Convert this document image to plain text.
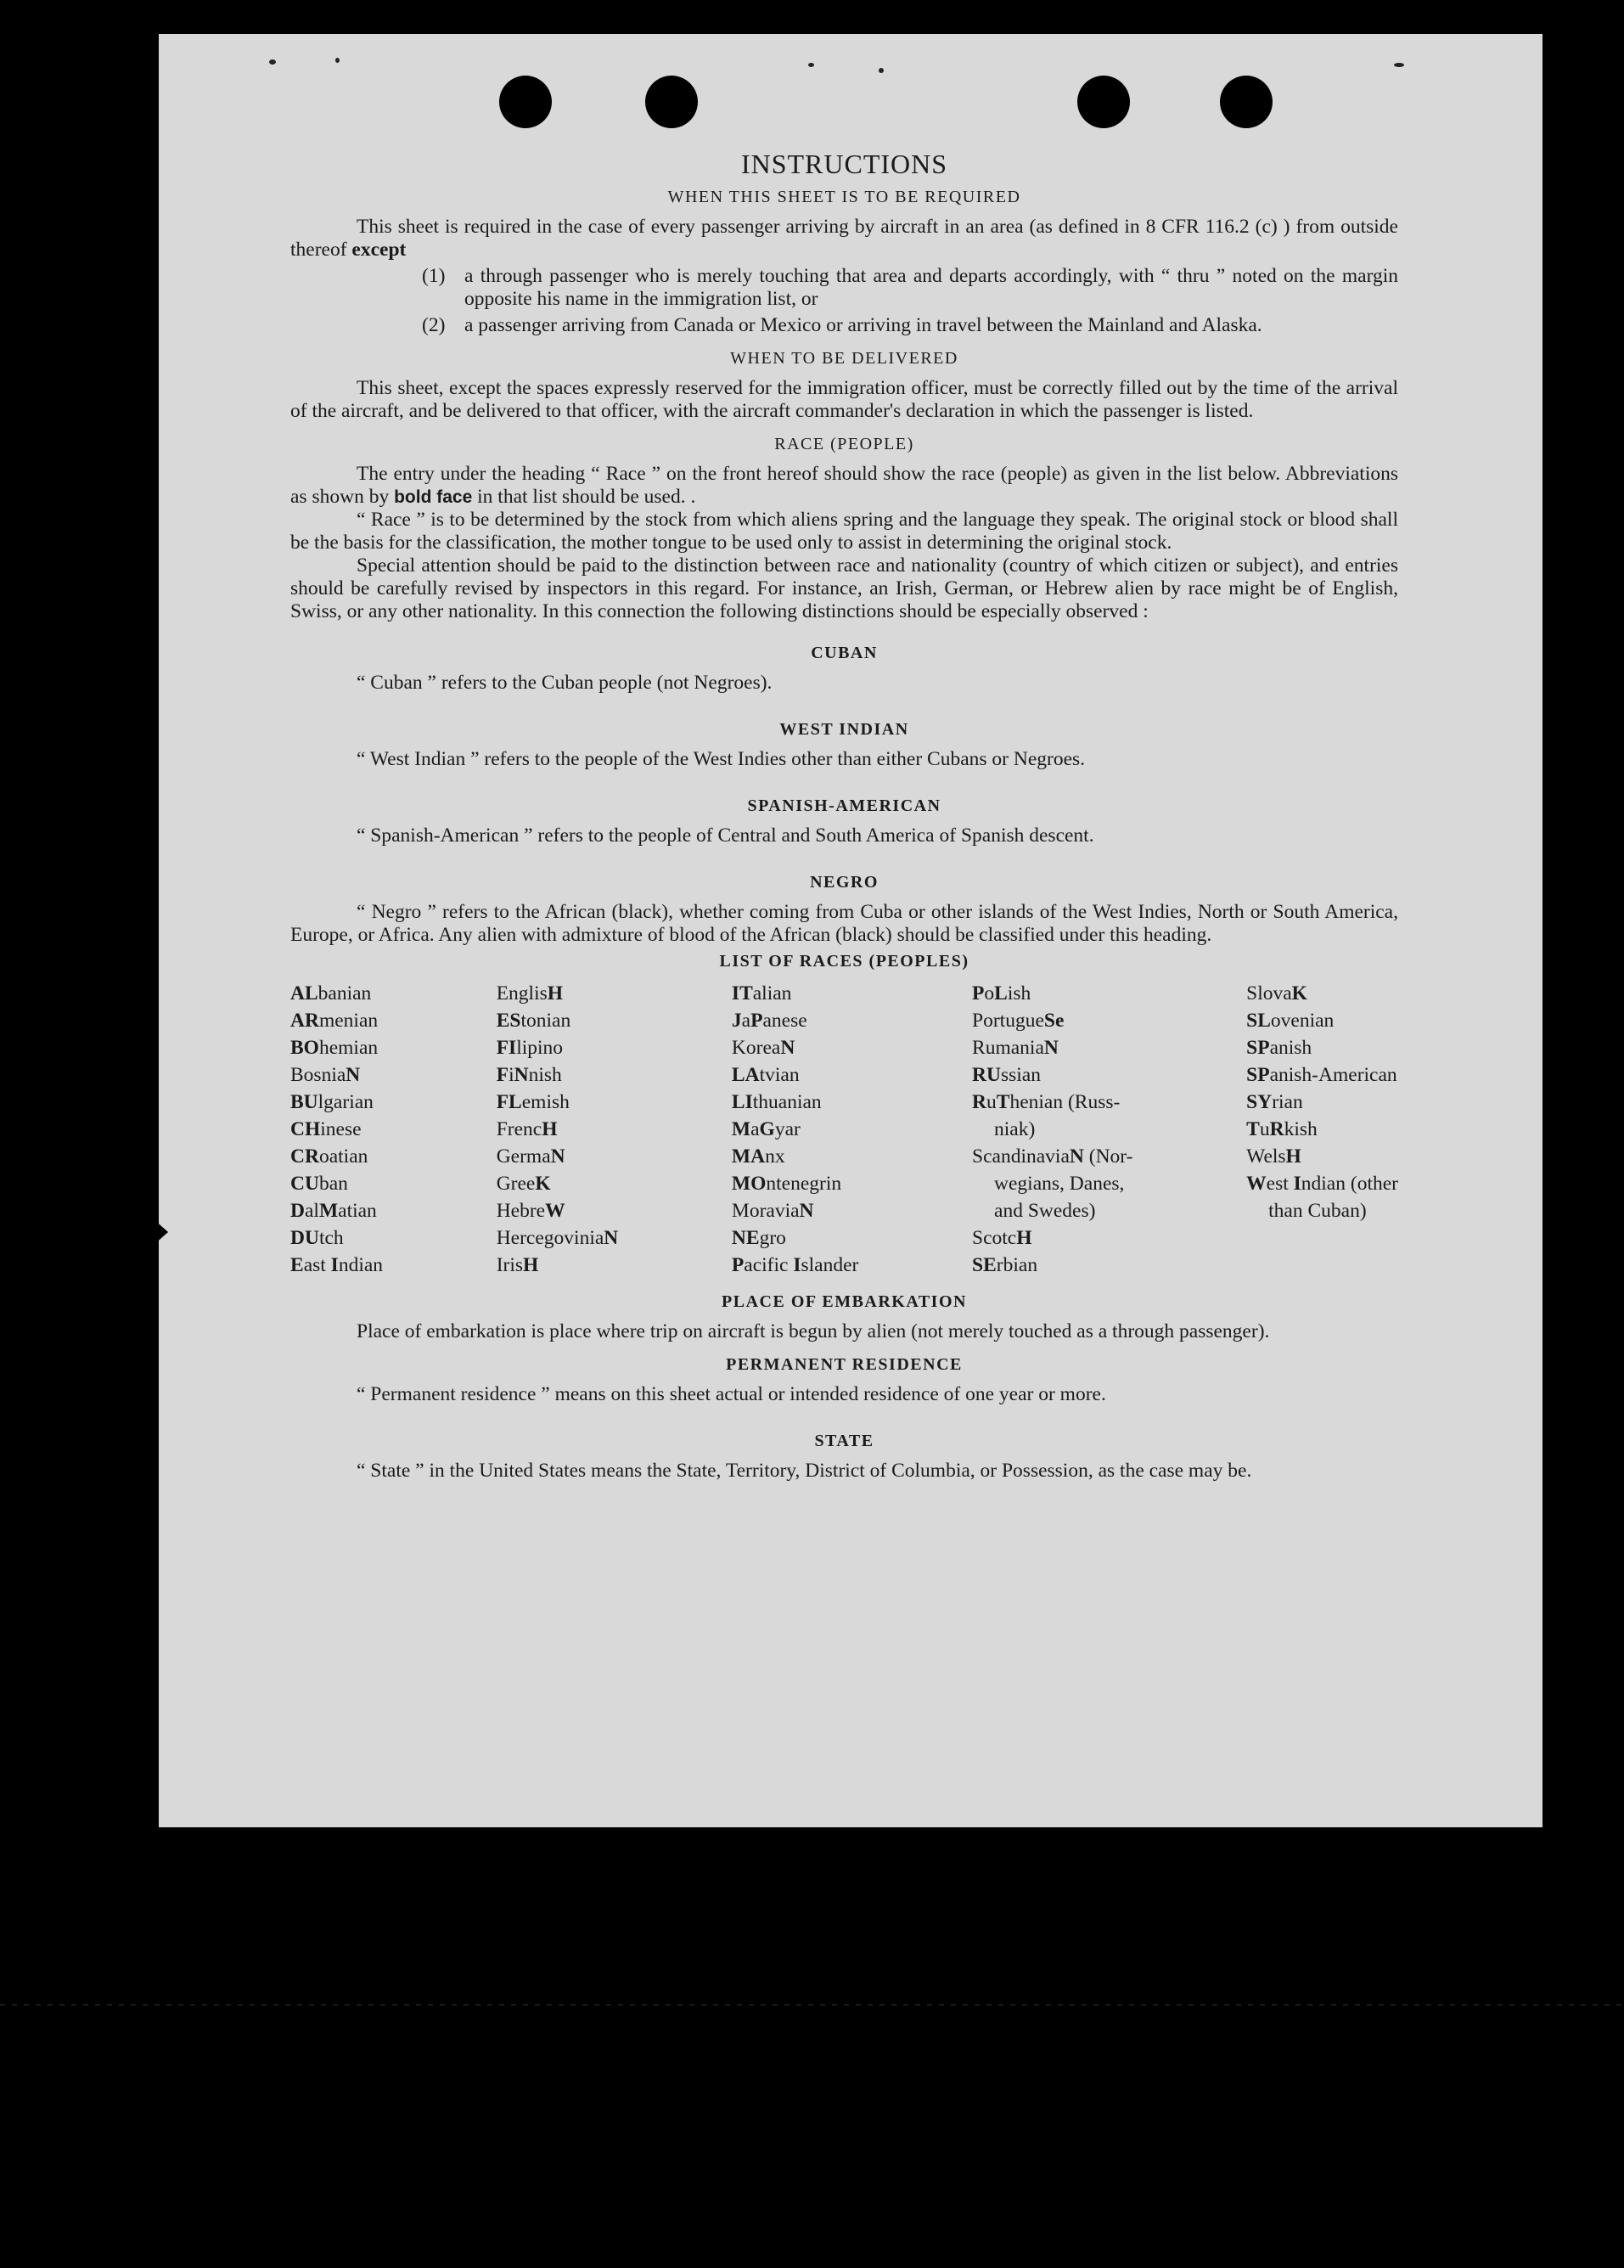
INSTRUCTIONS
WHEN THIS SHEET IS TO BE REQUIRED

This sheet is required in the case of every passenger arriving by aircraft in an area (as defined in 8 CFR 116.2 (c) ) from outside thereof except

(1) a through passenger who is merely touching that area and departs accordingly, with “ thru ” noted on the margin opposite his name in the immigration list, or
(2) a passenger arriving from Canada or Mexico or arriving in travel between the Mainland and Alaska.
WHEN TO BE DELIVERED

This sheet, except the spaces expressly reserved for the immigration officer, must be correctly filled out by the time of the arrival of the aircraft, and be delivered to that officer, with the aircraft commander's declaration in which the passenger is listed.

RACE (PEOPLE)

The entry under the heading “ Race ” on the front hereof should show the race (people) as given in the list below. Abbreviations as shown by bold face in that list should be used. .

“ Race ” is to be determined by the stock from which aliens spring and the language they speak. The original stock or blood shall be the basis for the classification, the mother tongue to be used only to assist in determining the original stock.

Special attention should be paid to the distinction between race and nationality (country of which citizen or subject), and entries should be carefully revised by inspectors in this regard. For instance, an Irish, German, or Hebrew alien by race might be of English, Swiss, or any other nationality. In this connection the following distinctions should be especially observed :

CUBAN

“ Cuban ” refers to the Cuban people (not Negroes).

WEST INDIAN

“ West Indian ” refers to the people of the West Indies other than either Cubans or Negroes.

SPANISH-AMERICAN

“ Spanish-American ” refers to the people of Central and South America of Spanish descent.

NEGRO

“ Negro ” refers to the African (black), whether coming from Cuba or other islands of the West Indies, North or South America, Europe, or Africa. Any alien with admixture of blood of the African (black) should be classified under this heading.

LIST OF RACES (PEOPLES)
ALbanian
ARmenian
BOhemian
BosniaN
BUlgarian
CHinese
CRoatian
CUban
DalMatian
DUtch
East Indian
EnglisH
EStonian
FIlipino
FiNnish
FLemish
FrencH
GermaN
GreeK
HebreW
HercegoviniaN
IrisH
ITalian
JaPanese
KoreaN
LAtvian
LIthuanian
MaGyar
MAnx
MOntenegrin
MoraviaN
NEgro
Pacific Islander
PoLish
PortugueSe
RumaniaN
RUssian
RuThenian (Russ-
niak)
ScandinaviaN (Nor-
wegians, Danes,
and Swedes)
ScotcH
SErbian
SlovaK
SLovenian
SPanish
SPanish-American
SYrian
TuRkish
WelsH
West Indian (other
than Cuban)
PLACE OF EMBARKATION

Place of embarkation is place where trip on aircraft is begun by alien (not merely touched as a through passenger).

PERMANENT RESIDENCE

“ Permanent residence ” means on this sheet actual or intended residence of one year or more.

STATE

“ State ” in the United States means the State, Territory, District of Columbia, or Possession, as the case may be.
